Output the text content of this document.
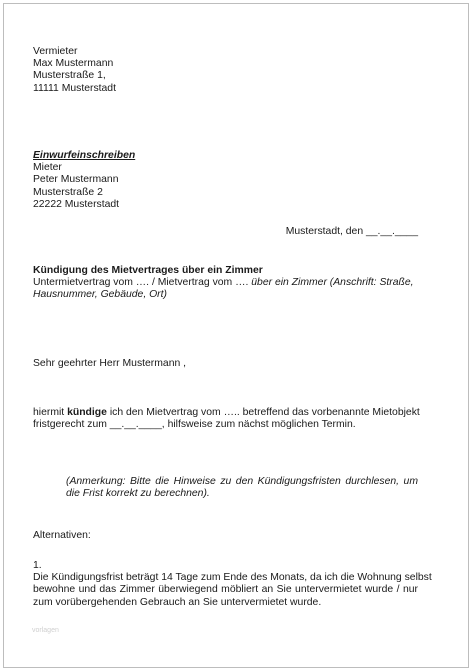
Vermieter
Max Mustermann
Musterstraße 1,
11111 Musterstadt
Einwurfeinschreiben
Mieter
Peter Mustermann
Musterstraße 2
22222 Musterstadt
Musterstadt, den __.__.____
Kündigung des Mietvertrages über ein Zimmer
Untermietvertrag vom …. / Mietvertrag vom …. über ein Zimmer (Anschrift: Straße,
Hausnummer, Gebäude, Ort)
Sehr geehrter Herr Mustermann ,
hiermit kündige ich den Mietvertrag vom ….. betreffend das vorbenannte Mietobjekt
fristgerecht zum __.__.____, hilfsweise zum nächst möglichen Termin.
(Anmerkung: Bitte die Hinweise zu den Kündigungsfristen durchlesen, um
die Frist korrekt zu berechnen).
Alternativen:
1.
Die Kündigungsfrist beträgt 14 Tage zum Ende des Monats, da ich die Wohnung selbst
bewohne und das Zimmer überwiegend möbliert an Sie untervermietet wurde / nur
zum vorübergehenden Gebrauch an Sie untervermietet wurde.
vorlagen
